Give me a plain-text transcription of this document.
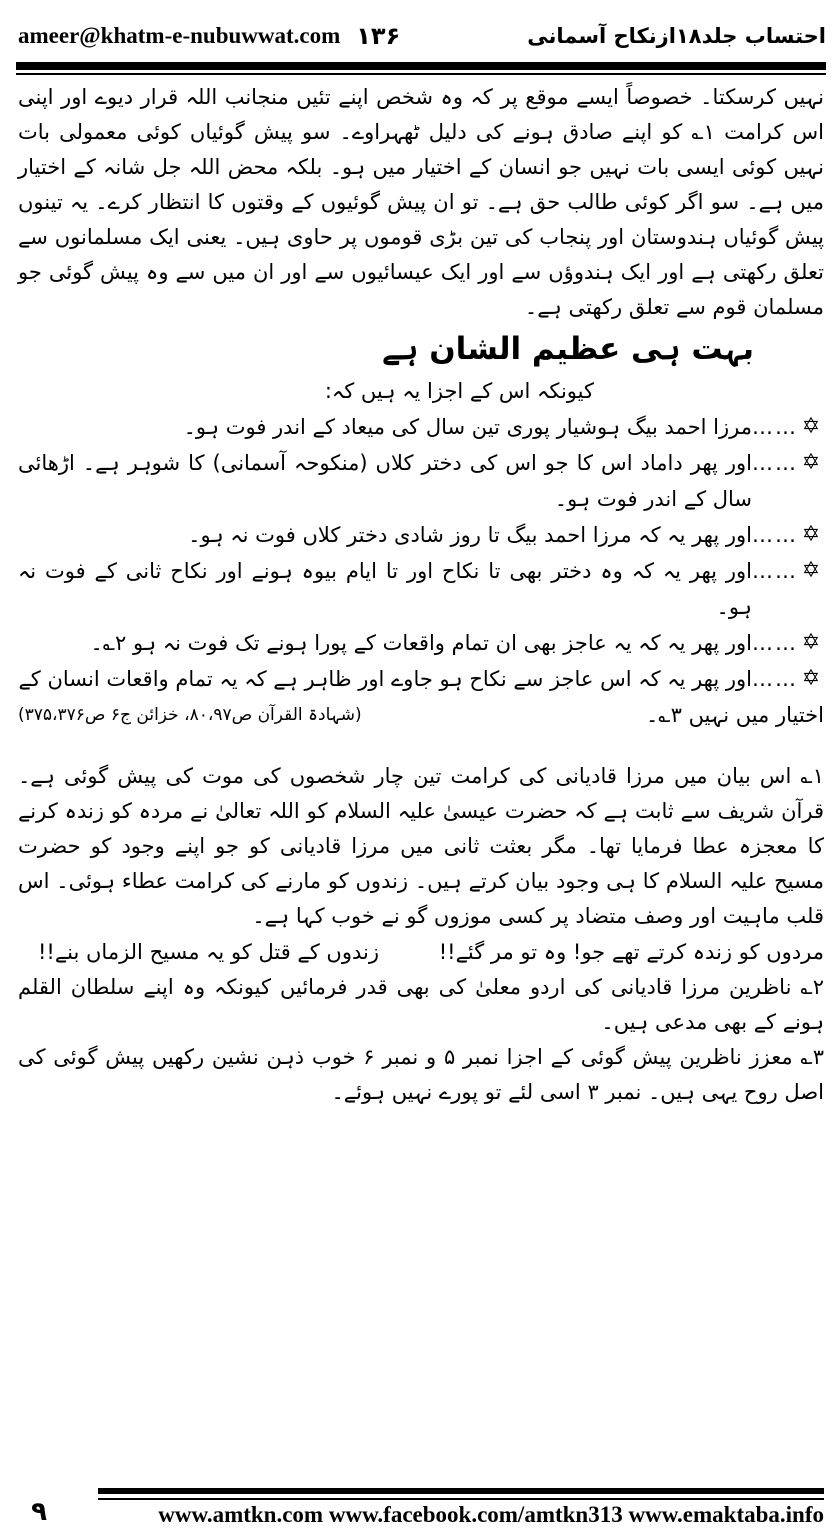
ameer@khatm-e-nubuwwat.com ۱۳۶	احتساب جلد۱۸ازنکاح آسمانی

نہیں کرسکتا۔ خصوصاً ایسے موقع پر کہ وہ شخص اپنے تئیں منجانب اللہ قرار دیوے اور اپنی اس کرامت ۱؎ کو اپنے صادق ہونے کی دلیل ٹھہراوے۔ سو پیش گوئیاں کوئی معمولی بات نہیں کوئی ایسی بات نہیں جو انسان کے اختیار میں ہو۔ بلکہ محض اللہ جل شانہ کے اختیار میں ہے۔ سو اگر کوئی طالب حق ہے۔ تو ان پیش گوئیوں کے وقتوں کا انتظار کرے۔ یہ تینوں پیش گوئیاں ہندوستان اور پنجاب کی تین بڑی قوموں پر حاوی ہیں۔ یعنی ایک مسلمانوں سے تعلق رکھتی ہے اور ایک ہندوؤں سے اور ایک عیسائیوں سے اور ان میں سے وہ پیش گوئی جو مسلمان قوم سے تعلق رکھتی ہے۔

بہت ہی عظیم الشان ہے

کیونکہ اس کے اجزا یہ ہیں کہ:

✡
……
مرزا احمد بیگ ہوشیار پوری تین سال کی میعاد کے اندر فوت ہو۔
✡
……
اور پھر داماد اس کا جو اس کی دختر کلاں (منکوحہ آسمانی) کا شوہر ہے۔ اڑھائی سال کے اندر فوت ہو۔
✡
……
اور پھر یہ کہ مرزا احمد بیگ تا روز شادی دختر کلاں فوت نہ ہو۔
✡
……
اور پھر یہ کہ وہ دختر بھی تا نکاح اور تا ایام بیوہ ہونے اور نکاح ثانی کے فوت نہ ہو۔
✡
……
اور پھر یہ کہ یہ عاجز بھی ان تمام واقعات کے پورا ہونے تک فوت نہ ہو ۲؎۔
✡
……
اور پھر یہ کہ اس عاجز سے نکاح ہو جاوے اور ظاہر ہے کہ یہ تمام واقعات انسان کے
اختیار میں نہیں ۳؎۔
(شہادۃ القرآن ص۸۰،۹۷، خزائن ج۶ ص۳۷۵،۳۷۶)

۱؎ اس بیان میں مرزا قادیانی کی کرامت تین چار شخصوں کی موت کی پیش گوئی ہے۔ قرآن شریف سے ثابت ہے کہ حضرت عیسیٰ علیہ السلام کو اللہ تعالیٰ نے مردہ کو زندہ کرنے کا معجزہ عطا فرمایا تھا۔ مگر بعثت ثانی میں مرزا قادیانی کو جو اپنے وجود کو حضرت مسیح علیہ السلام کا ہی وجود بیان کرتے ہیں۔ زندوں کو مارنے کی کرامت عطاء ہوئی۔ اس قلب ماہیت اور وصف متضاد پر کسی موزوں گو نے خوب کہا ہے۔

مردوں کو زندہ کرتے تھے جو! وہ تو مر گئے!!
زندوں کے قتل کو یہ مسیح الزماں بنے!!

۲؎ ناظرین مرزا قادیانی کی اردو معلیٰ کی بھی قدر فرمائیں کیونکہ وہ اپنے سلطان القلم ہونے کے بھی مدعی ہیں۔

۳؎ معزز ناظرین پیش گوئی کے اجزا نمبر ۵ و نمبر ۶ خوب ذہن نشین رکھیں پیش گوئی کی اصل روح یہی ہیں۔ نمبر ۳ اسی لئے تو پورے نہیں ہوئے۔

۹	www.amtkn.com www.facebook.com/amtkn313 www.emaktaba.info
